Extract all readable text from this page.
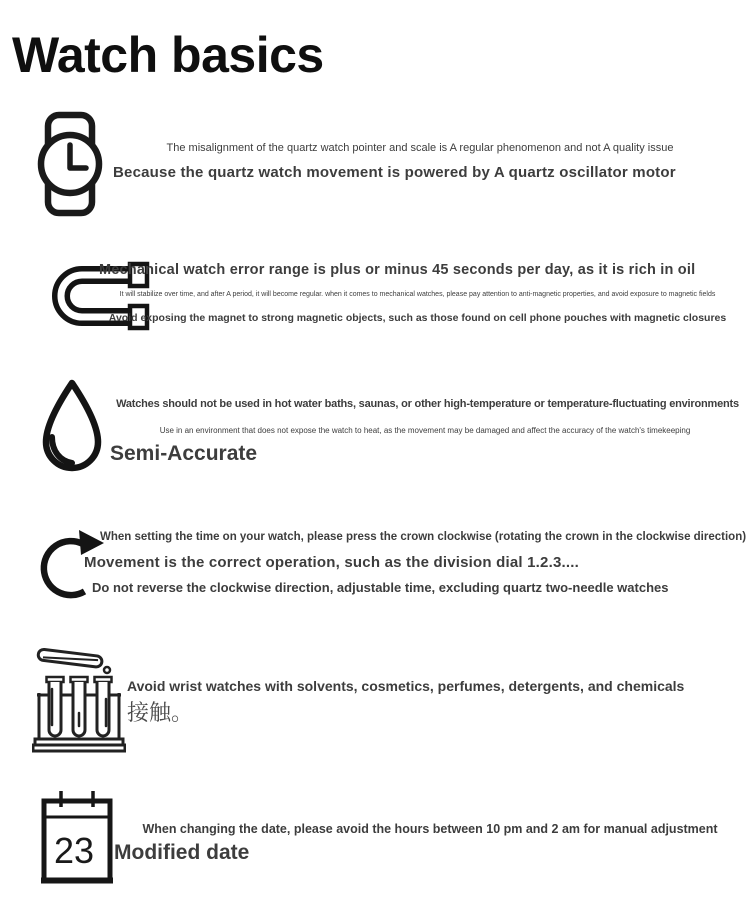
Watch basics
The misalignment of the quartz watch pointer and scale is A regular phenomenon and not A quality issue
Because the quartz watch movement is powered by A quartz oscillator motor
Mechanical watch error range is plus or minus 45 seconds per day, as it is rich in oil
It will stabilize over time, and after A period, it will become regular. when it comes to mechanical watches, please pay attention to anti-magnetic properties, and avoid exposure to magnetic fields
Avoid exposing the magnet to strong magnetic objects, such as those found on cell phone pouches with magnetic closures
Watches should not be used in hot water baths, saunas, or other high-temperature or temperature-fluctuating environments
Use in an environment that does not expose the watch to heat, as the movement may be damaged and affect the accuracy of the watch's timekeeping
Semi-Accurate
When setting the time on your watch, please press the crown clockwise (rotating the crown in the clockwise direction)
Movement is the correct operation, such as the division dial 1.2.3....
Do not reverse the clockwise direction, adjustable time, excluding quartz two-needle watches
Avoid wrist watches with solvents, cosmetics, perfumes, detergents, and chemicals
接触。
23
When changing the date, please avoid the hours between 10 pm and 2 am for manual adjustment
Modified date
